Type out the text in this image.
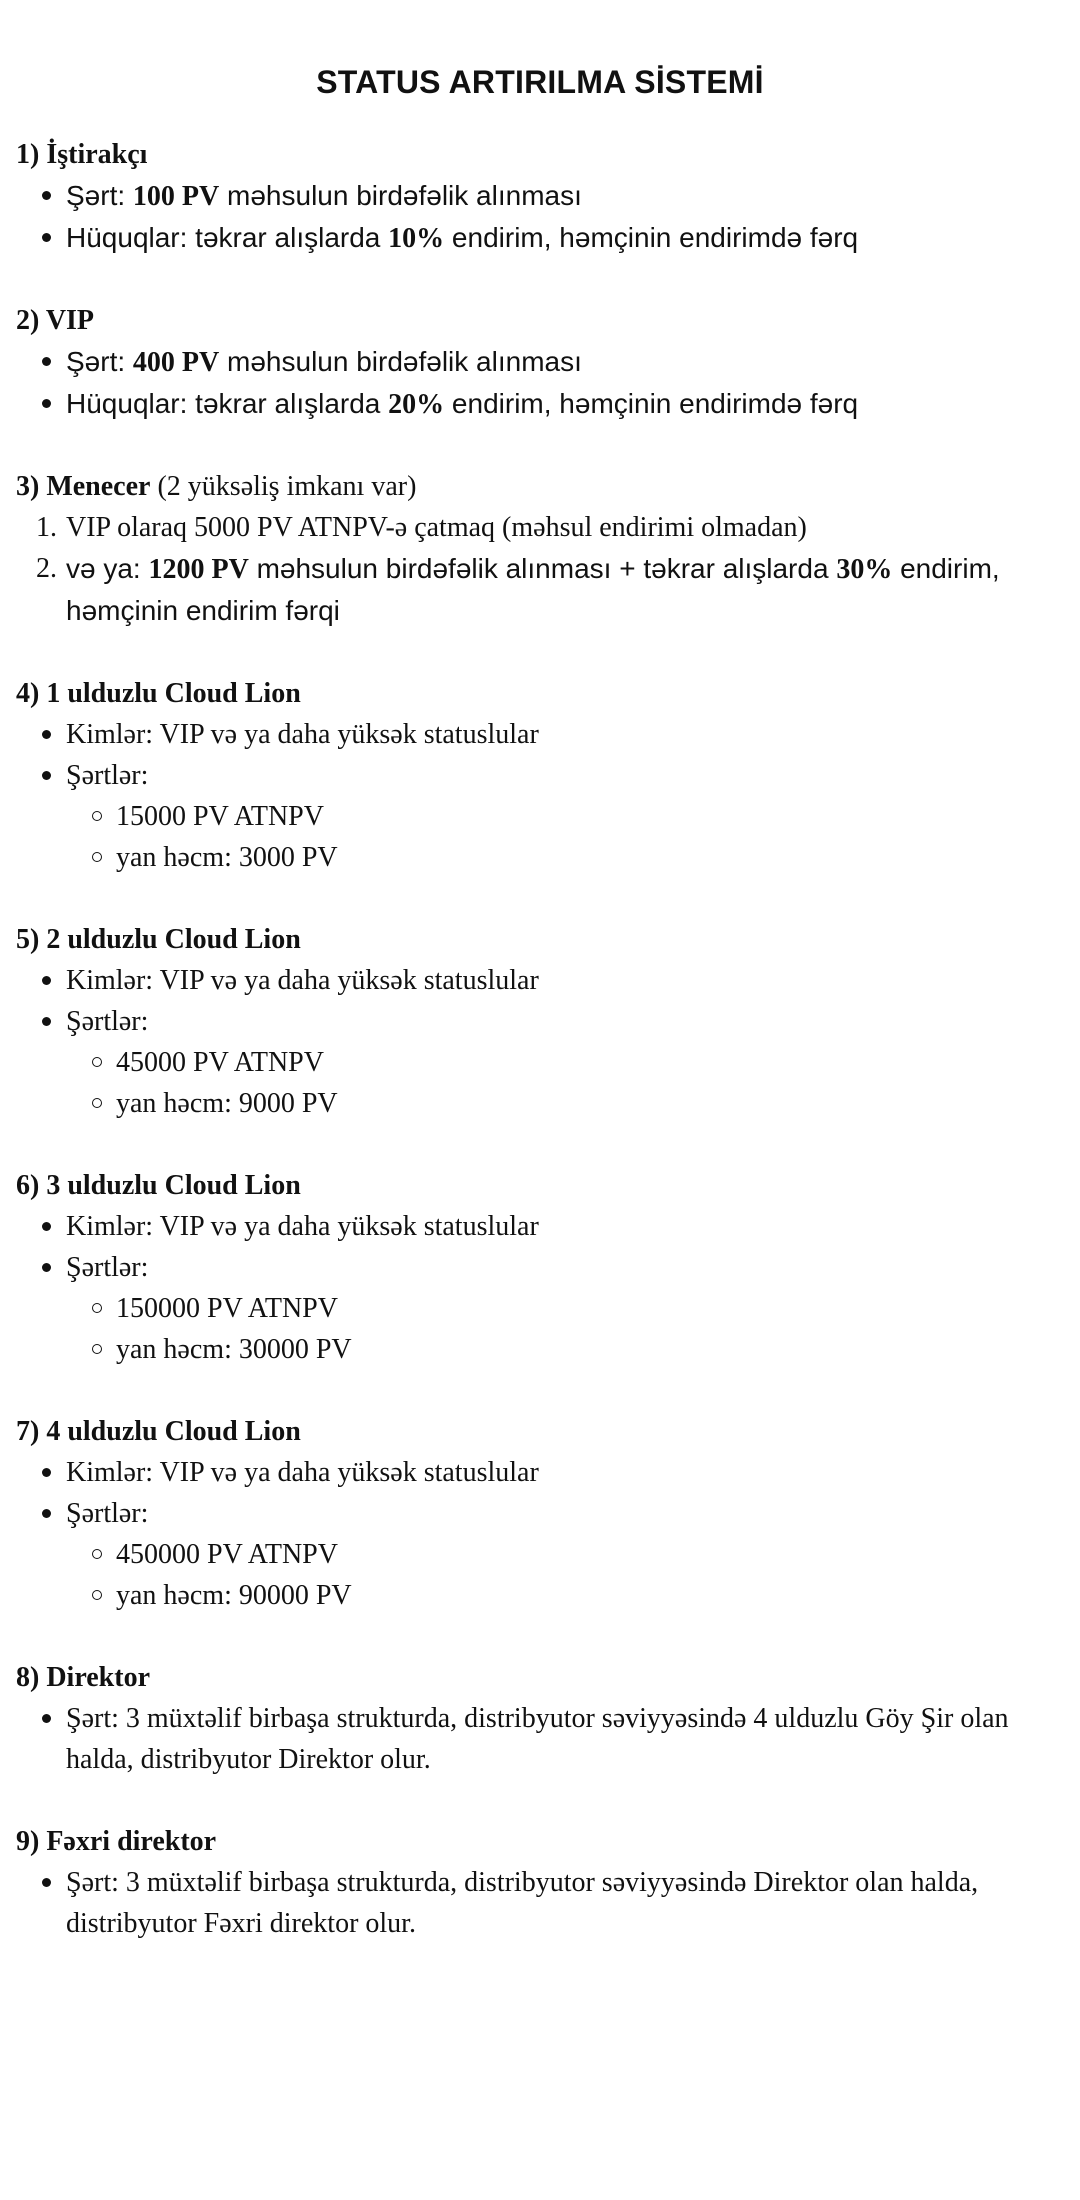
STATUS ARTIRILMA SİSTEMİ
1) İştirakçı
Şərt: 100 PV məhsulun birdəfəlik alınması
Hüquqlar: təkrar alışlarda 10% endirim, həmçinin endirimdə fərq
2) VIP
Şərt: 400 PV məhsulun birdəfəlik alınması
Hüquqlar: təkrar alışlarda 20% endirim, həmçinin endirimdə fərq
3) Menecer (2 yüksəliş imkanı var)
1. VIP olaraq 5000 PV ATNPV-ə çatmaq (məhsul endirimi olmadan)
2. və ya: 1200 PV məhsulun birdəfəlik alınması + təkrar alışlarda 30% endirim, həmçinin endirim fərqi
4) 1 ulduzlu Cloud Lion
Kimlər: VIP və ya daha yüksək statuslular
Şərtlər:
15000 PV ATNPV
yan həcm: 3000 PV
5) 2 ulduzlu Cloud Lion
Kimlər: VIP və ya daha yüksək statuslular
Şərtlər:
45000 PV ATNPV
yan həcm: 9000 PV
6) 3 ulduzlu Cloud Lion
Kimlər: VIP və ya daha yüksək statuslular
Şərtlər:
150000 PV ATNPV
yan həcm: 30000 PV
7) 4 ulduzlu Cloud Lion
Kimlər: VIP və ya daha yüksək statuslular
Şərtlər:
450000 PV ATNPV
yan həcm: 90000 PV
8) Direktor
Şərt: 3 müxtəlif birbaşa strukturda, distribyutor səviyyəsində 4 ulduzlu Göy Şir olan halda, distribyutor Direktor olur.
9) Fəxri direktor
Şərt: 3 müxtəlif birbaşa strukturda, distribyutor səviyyəsində Direktor olan halda, distribyutor Fəxri direktor olur.
